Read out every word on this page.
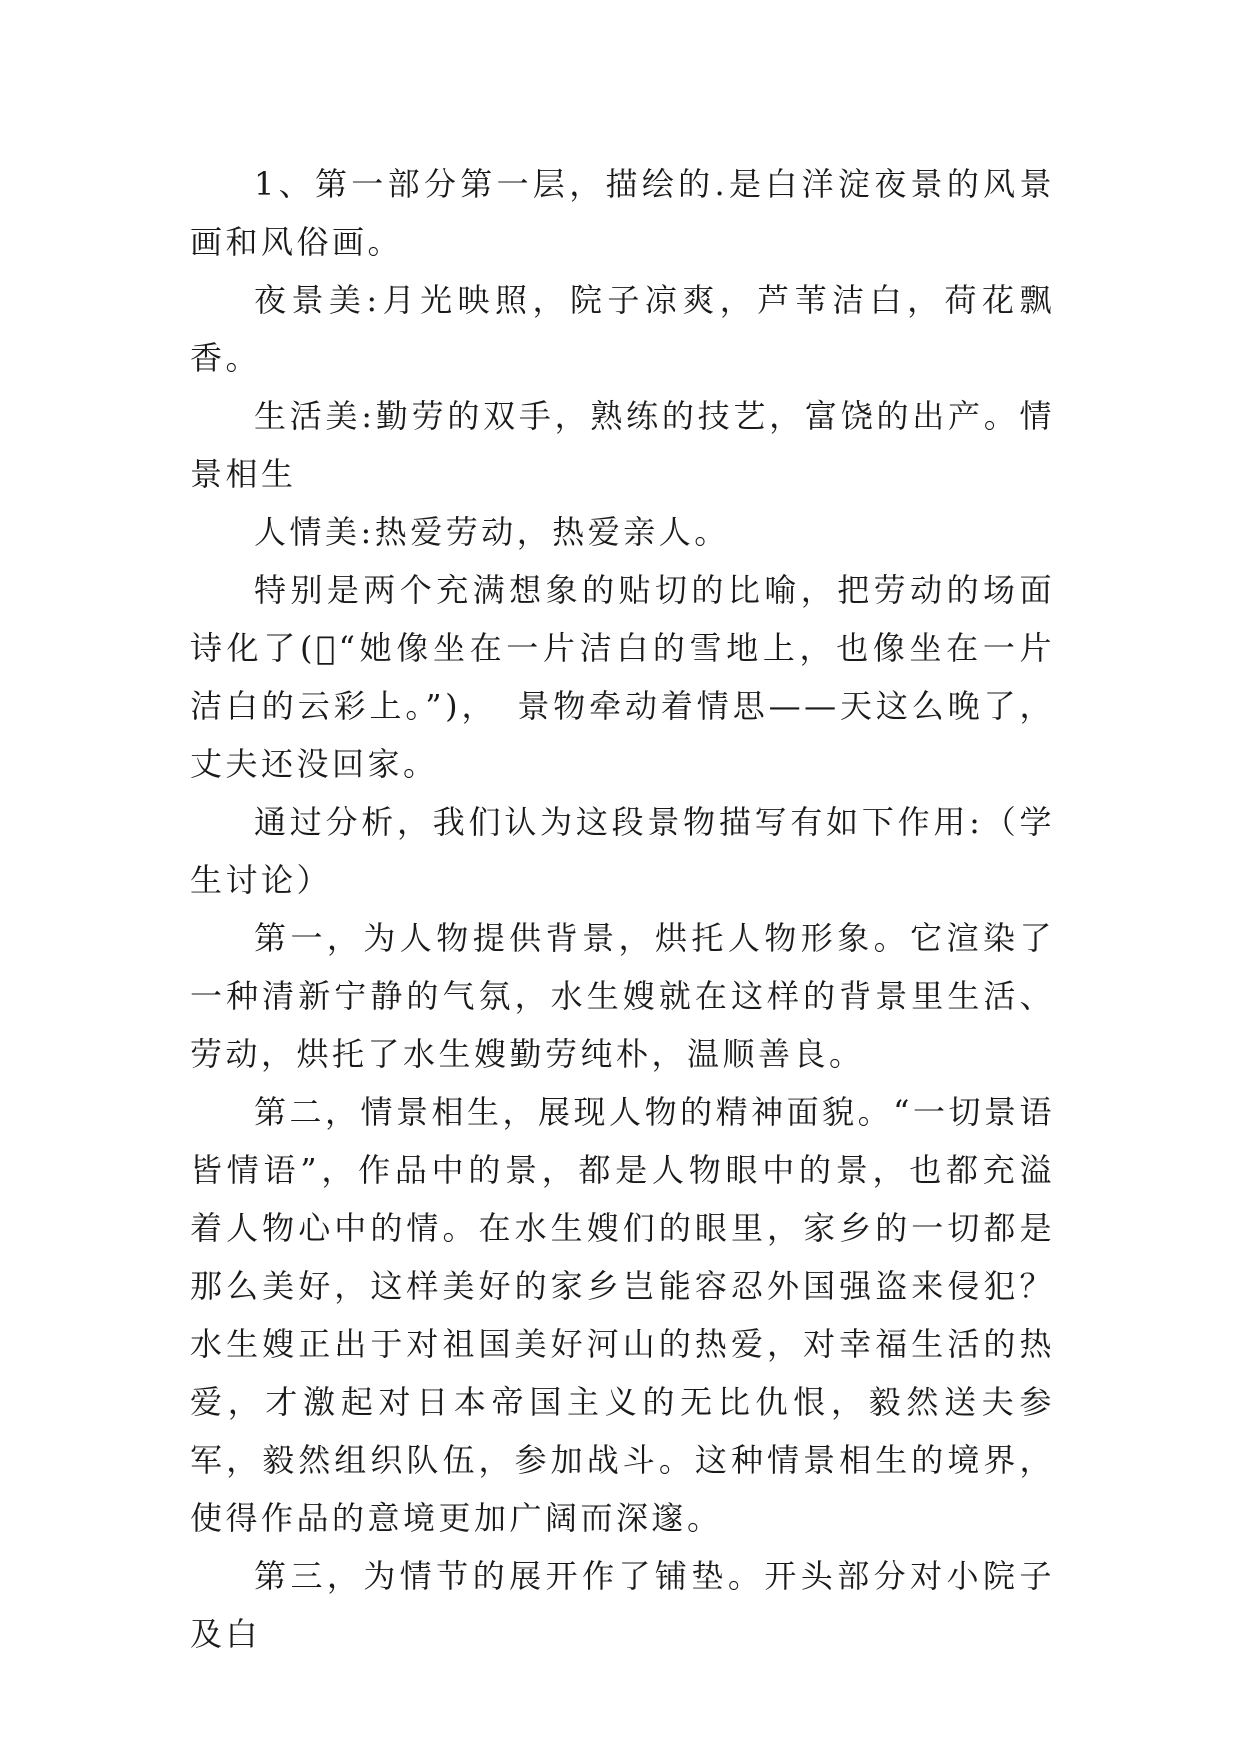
1、第一部分第一层，描绘的.是白洋淀夜景的风景画和风俗画。

夜景美:月光映照，院子凉爽，芦苇洁白，荷花飘香。

生活美:勤劳的双手，熟练的技艺，富饶的出产。情景相生

人情美:热爱劳动，热爱亲人。

特别是两个充满想象的贴切的比喻，把劳动的场面诗化了( “她像坐在一片洁白的雪地上，也像坐在一片洁白的云彩上。”)，　景物牵动着情思——天这么晚了，丈夫还没回家。

通过分析，我们认为这段景物描写有如下作用:（学生讨论）

第一，为人物提供背景，烘托人物形象。它渲染了一种清新宁静的气氛，水生嫂就在这样的背景里生活、劳动，烘托了水生嫂勤劳纯朴，温顺善良。

第二，情景相生，展现人物的精神面貌。“一切景语皆情语”，作品中的景，都是人物眼中的景，也都充溢着人物心中的情。在水生嫂们的眼里，家乡的一切都是那么美好，这样美好的家乡岂能容忍外国强盗来侵犯？水生嫂正出于对祖国美好河山的热爱，对幸福生活的热爱，才激起对日本帝国主义的无比仇恨，毅然送夫参军，毅然组织队伍，参加战斗。这种情景相生的境界，使得作品的意境更加广阔而深邃。

第三，为情节的展开作了铺垫。开头部分对小院子及白
